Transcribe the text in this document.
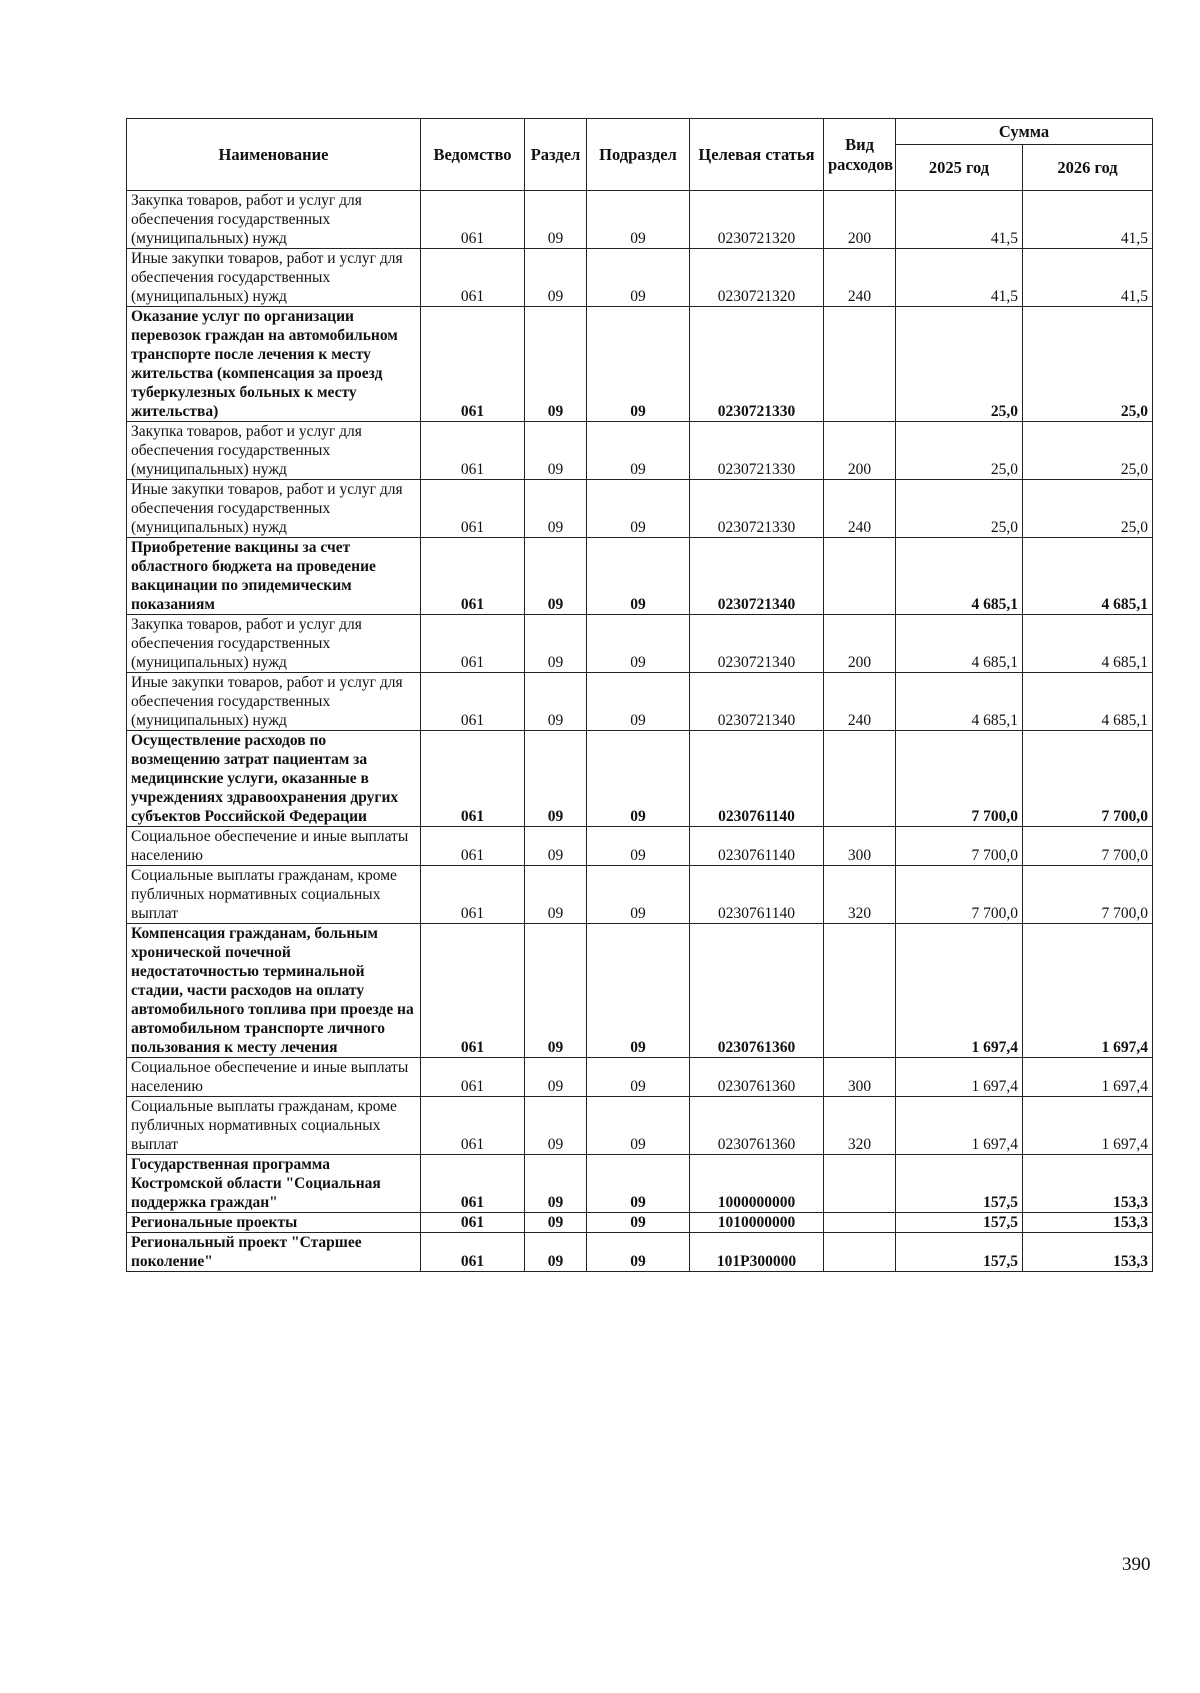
Наименование	Ведомство	Раздел	Подраздел	Целевая статья	Вид расходов	Сумма	
						2025 год	2026 год
Закупка товаров, работ и услуг для обеспечения государственных (муниципальных) нужд	061	09	09	0230721320	200	41,5	41,5
Иные закупки товаров, работ и услуг для обеспечения государственных (муниципальных) нужд	061	09	09	0230721320	240	41,5	41,5
Оказание услуг по организации перевозок граждан на автомобильном транспорте после лечения к месту жительства (компенсация за проезд туберкулезных больных к месту жительства)	061	09	09	0230721330		25,0	25,0
Закупка товаров, работ и услуг для обеспечения государственных (муниципальных) нужд	061	09	09	0230721330	200	25,0	25,0
Иные закупки товаров, работ и услуг для обеспечения государственных (муниципальных) нужд	061	09	09	0230721330	240	25,0	25,0
Приобретение вакцины за счет областного бюджета на проведение вакцинации по эпидемическим показаниям	061	09	09	0230721340		4 685,1	4 685,1
Закупка товаров, работ и услуг для обеспечения государственных (муниципальных) нужд	061	09	09	0230721340	200	4 685,1	4 685,1
Иные закупки товаров, работ и услуг для обеспечения государственных (муниципальных) нужд	061	09	09	0230721340	240	4 685,1	4 685,1
Осуществление расходов по возмещению затрат пациентам за медицинские услуги, оказанные в учреждениях здравоохранения других субъектов Российской Федерации	061	09	09	0230761140		7 700,0	7 700,0
Социальное обеспечение и иные выплаты населению	061	09	09	0230761140	300	7 700,0	7 700,0
Социальные выплаты гражданам, кроме публичных нормативных социальных выплат	061	09	09	0230761140	320	7 700,0	7 700,0
Компенсация гражданам, больным хронической почечной недостаточностью терминальной стадии, части расходов на оплату автомобильного топлива при проезде на автомобильном транспорте личного пользования к месту лечения	061	09	09	0230761360		1 697,4	1 697,4
Социальное обеспечение и иные выплаты населению	061	09	09	0230761360	300	1 697,4	1 697,4
Социальные выплаты гражданам, кроме публичных нормативных социальных выплат	061	09	09	0230761360	320	1 697,4	1 697,4
Государственная программа Костромской области "Социальная поддержка граждан"	061	09	09	1000000000		157,5	153,3
Региональные проекты	061	09	09	1010000000		157,5	153,3
Региональный проект "Старшее поколение"	061	09	09	101P300000		157,5	153,3
390
